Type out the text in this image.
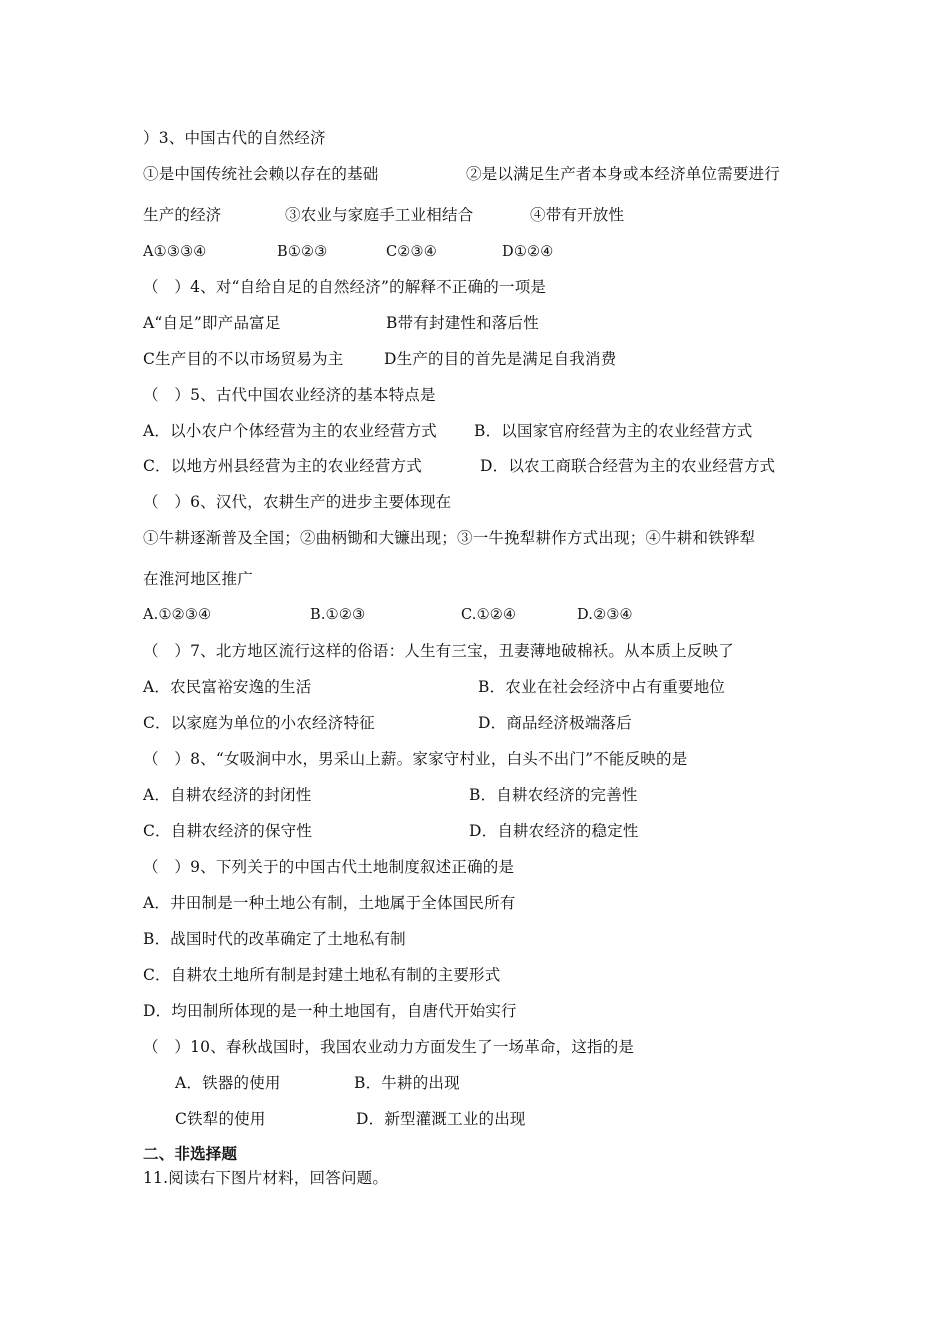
）3、中国古代的自然经济
①是中国传统社会赖以存在的基础	②是以满足生产者本身或本经济单位需要进行
生产的经济	③农业与家庭手工业相结合	④带有开放性
A①③③④	B①②③	C②③④	D①②④
（　）4、对“自给自足的自然经济”的解释不正确的一项是
A“自足”即产品富足	B带有封建性和落后性
C生产目的不以市场贸易为主	D生产的目的首先是满足自我消费
（　）5、古代中国农业经济的基本特点是
A．以小农户个体经营为主的农业经营方式 B．以国家官府经营为主的农业经营方式
C．以地方州县经营为主的农业经营方式	D．以农工商联合经营为主的农业经营方式
（　）6、汉代，农耕生产的进步主要体现在
①牛耕逐渐普及全国；②曲柄锄和大镰出现；③一牛挽犁耕作方式出现；④牛耕和铁铧犁
在淮河地区推广
A.①②③④	B.①②③	C.①②④	D.②③④
（　）7、北方地区流行这样的俗语：人生有三宝，丑妻薄地破棉袄。从本质上反映了
A．农民富裕安逸的生活	B．农业在社会经济中占有重要地位
C．以家庭为单位的小农经济特征	D．商品经济极端落后
（　）8、“女吸涧中水，男采山上薪。家家守村业，白头不出门”不能反映的是
A．自耕农经济的封闭性	B．自耕农经济的完善性
C．自耕农经济的保守性	D．自耕农经济的稳定性
（　）9、下列关于的中国古代土地制度叙述正确的是
A．井田制是一种土地公有制，土地属于全体国民所有
B．战国时代的改革确定了土地私有制
C．自耕农土地所有制是封建土地私有制的主要形式
D．均田制所体现的是一种土地国有，自唐代开始实行
（　）10、春秋战国时，我国农业动力方面发生了一场革命，这指的是
A．铁器的使用	B．牛耕的出现
C铁犁的使用	D．新型灌溉工业的出现
二、非选择题
11.阅读右下图片材料，回答问题。
